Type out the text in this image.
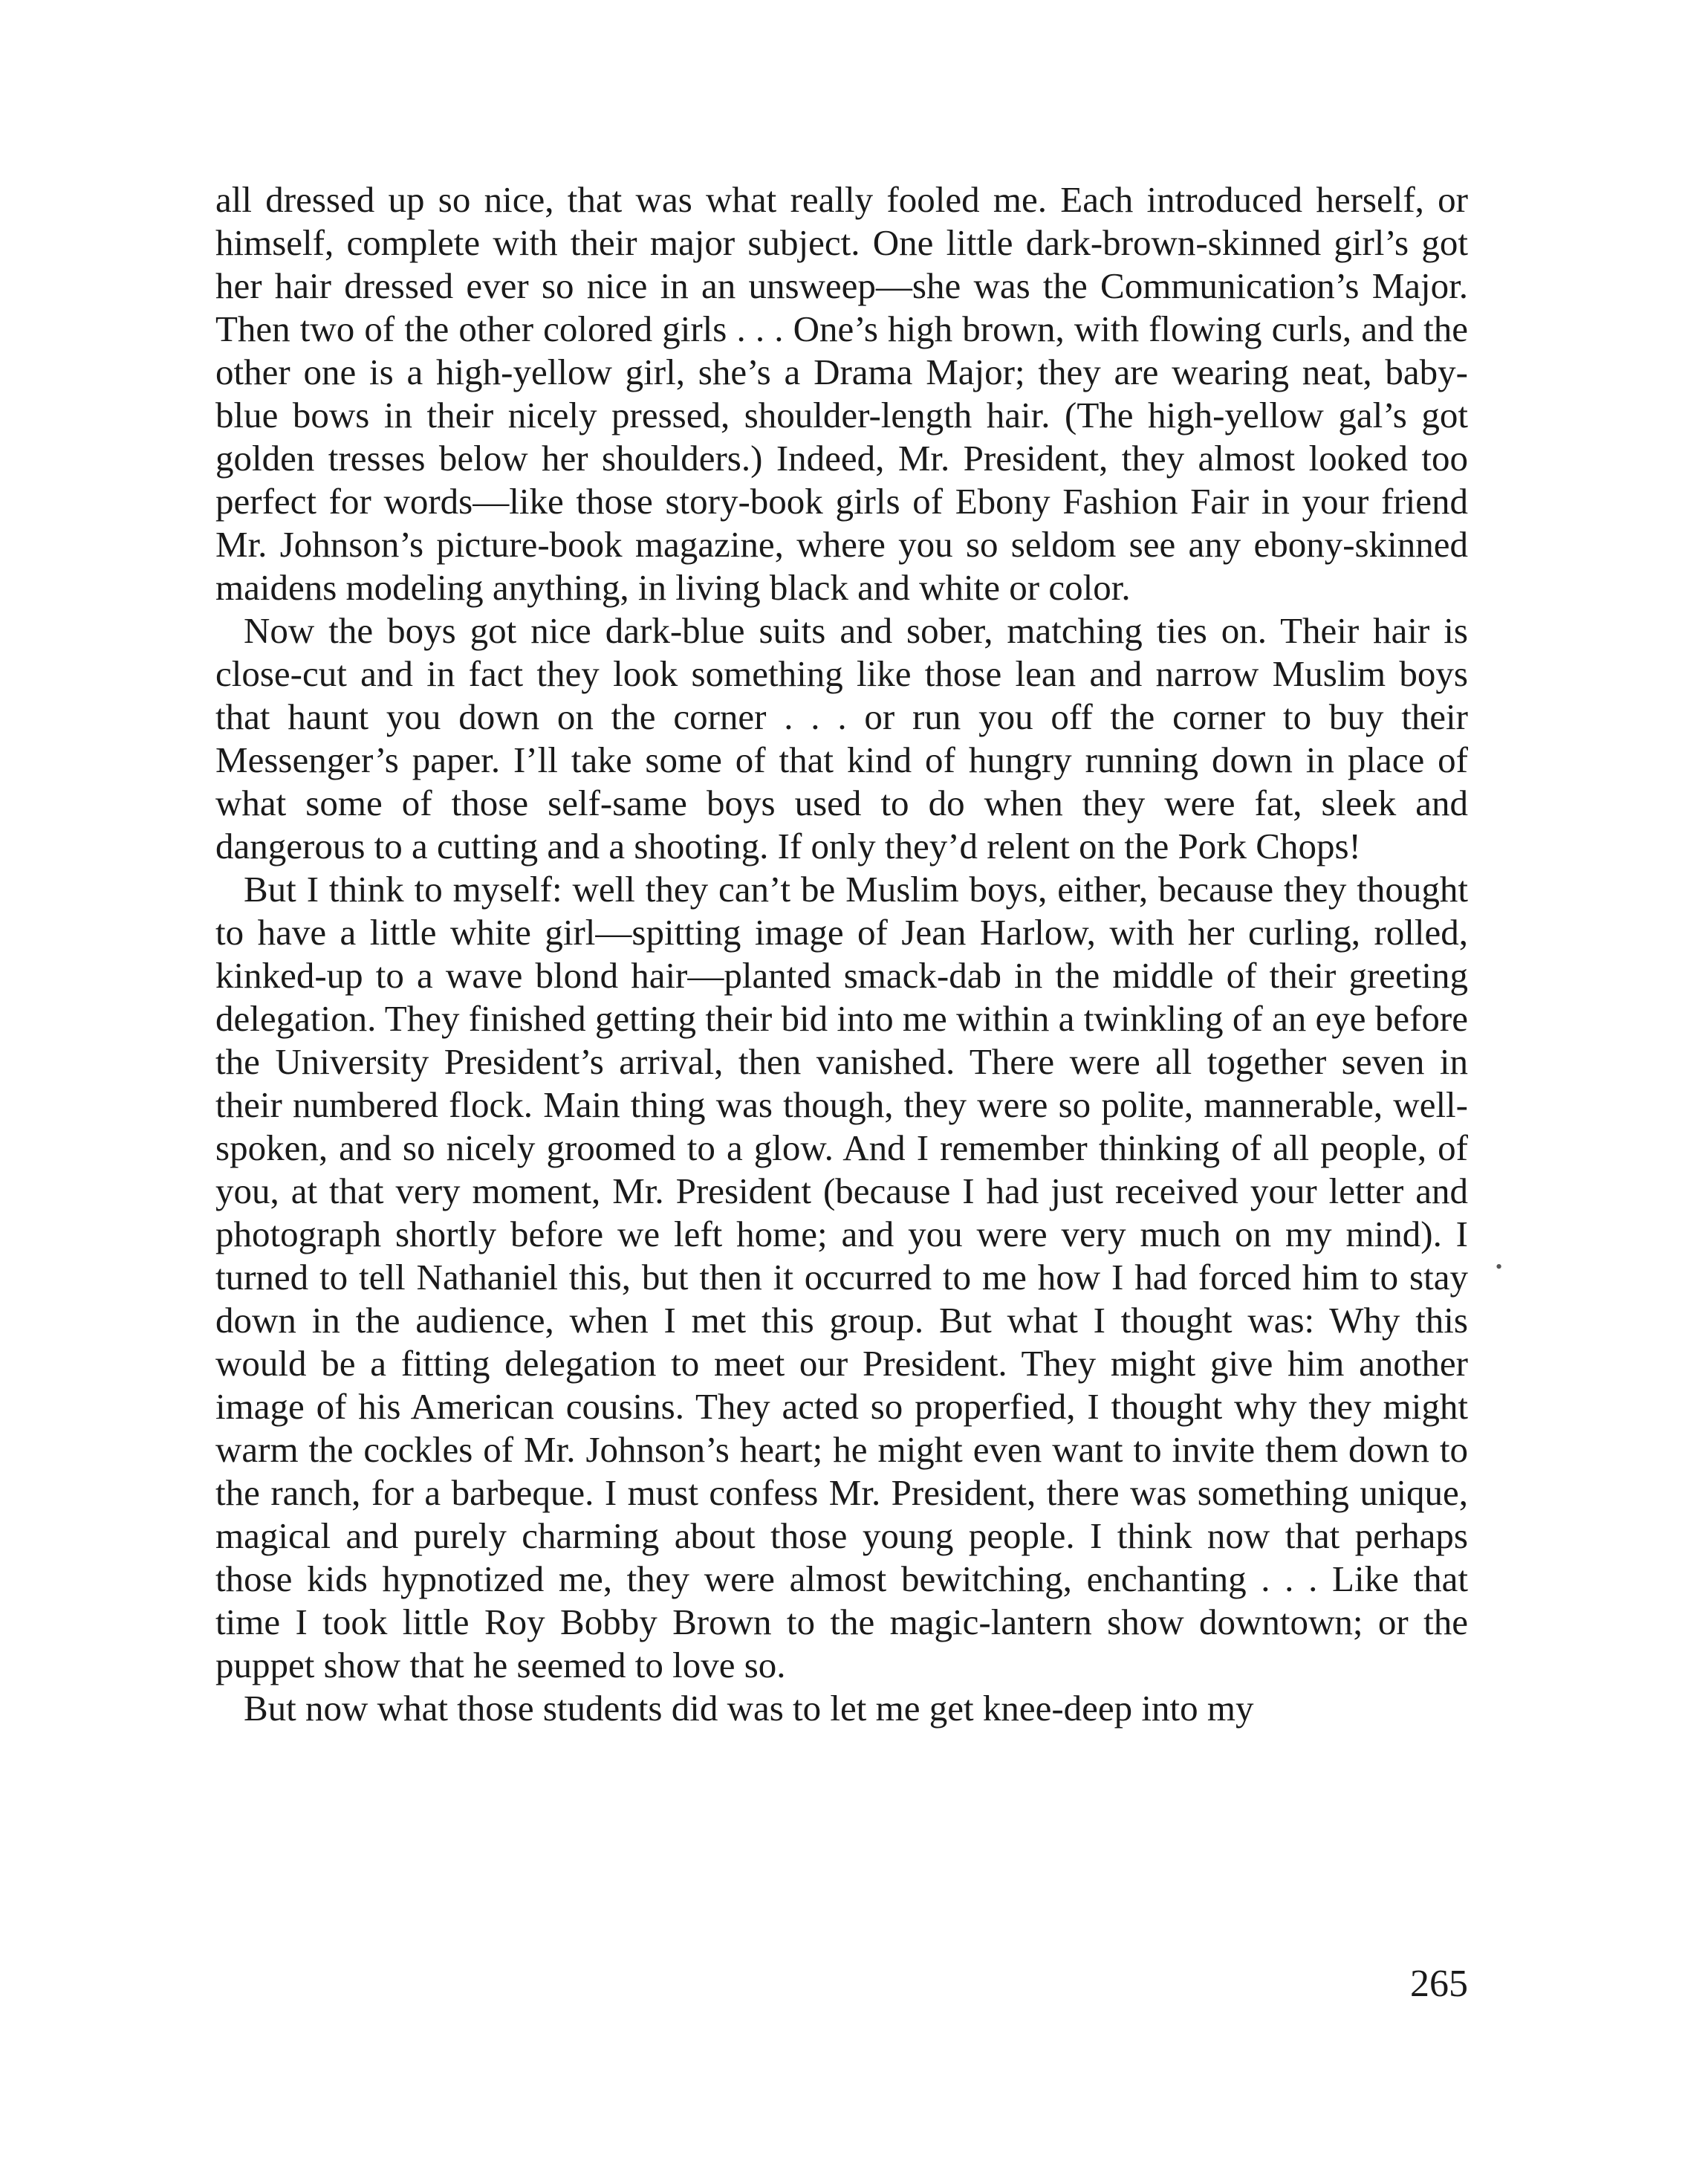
all dressed up so nice, that was what really fooled me. Each introduced herself, or himself, complete with their major subject. One little dark-brown-skinned girl’s got her hair dressed ever so nice in an unsweep—she was the Communication’s Major. Then two of the other colored girls . . . One’s high brown, with flowing curls, and the other one is a high-yellow girl, she’s a Drama Major; they are wearing neat, baby-blue bows in their nicely pressed, shoulder-length hair. (The high-yellow gal’s got golden tresses below her shoulders.) Indeed, Mr. President, they almost looked too perfect for words—like those story-book girls of Ebony Fashion Fair in your friend Mr. Johnson’s picture-book magazine, where you so seldom see any ebony-skinned maidens modeling anything, in living black and white or color.

Now the boys got nice dark-blue suits and sober, matching ties on. Their hair is close-cut and in fact they look something like those lean and narrow Muslim boys that haunt you down on the corner . . . or run you off the corner to buy their Messenger’s paper. I’ll take some of that kind of hungry running down in place of what some of those self-same boys used to do when they were fat, sleek and dangerous to a cutting and a shooting. If only they’d relent on the Pork Chops!

But I think to myself: well they can’t be Muslim boys, either, because they thought to have a little white girl—spitting image of Jean Harlow, with her curling, rolled, kinked-up to a wave blond hair—planted smack-dab in the middle of their greeting delegation. They finished getting their bid into me within a twinkling of an eye before the University President’s arrival, then vanished. There were all together seven in their numbered flock. Main thing was though, they were so polite, mannerable, well-spoken, and so nicely groomed to a glow. And I remember thinking of all people, of you, at that very moment, Mr. President (because I had just received your letter and photograph shortly before we left home; and you were very much on my mind). I turned to tell Nathaniel this, but then it occurred to me how I had forced him to stay down in the audience, when I met this group. But what I thought was: Why this would be a fitting delegation to meet our President. They might give him another image of his American cousins. They acted so properfied, I thought why they might warm the cockles of Mr. Johnson’s heart; he might even want to invite them down to the ranch, for a barbeque. I must confess Mr. President, there was something unique, magical and purely charming about those young people. I think now that perhaps those kids hypnotized me, they were almost bewitching, enchanting . . . Like that time I took little Roy Bobby Brown to the magic-lantern show downtown; or the puppet show that he seemed to love so.

But now what those students did was to let me get knee-deep into my

•
265
